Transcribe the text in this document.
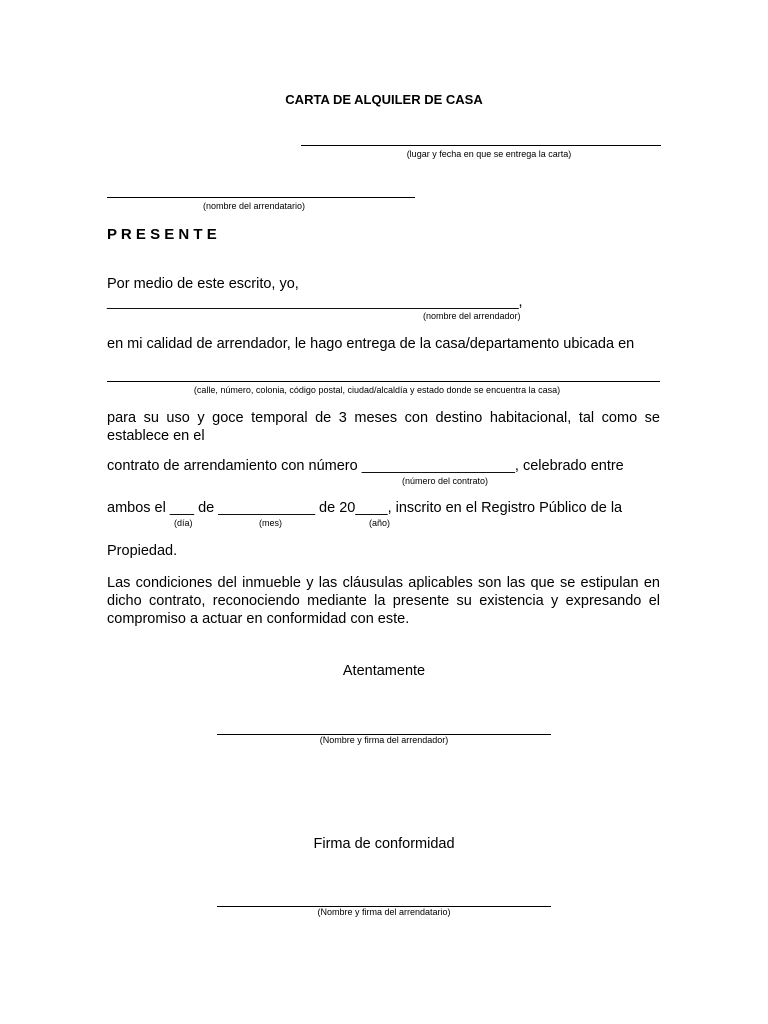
CARTA DE ALQUILER DE CASA
(lugar y fecha en que se entrega la carta)
(nombre del arrendatario)
P R E S E N T E
Por medio de este escrito, yo,
____________________________________________________,
(nombre del arrendador)
en mi calidad de arrendador, le hago entrega de la casa/departamento ubicada en
(calle, número, colonia, código postal, ciudad/alcaldía y estado donde se encuentra la casa)
para su uso y goce temporal de 3 meses con destino habitacional, tal como se establece en el
contrato de arrendamiento con número ___________________, celebrado entre
(número del contrato)
ambos el ___ de ____________ de 20____, inscrito en el Registro Público de la
(día)	(mes)	(año)
Propiedad.
Las condiciones del inmueble y las cláusulas aplicables son las que se estipulan en dicho contrato, reconociendo mediante la presente su existencia y expresando el compromiso a actuar en conformidad con este.
Atentamente
(Nombre y firma del arrendador)
Firma de conformidad
(Nombre y firma del arrendatario)
